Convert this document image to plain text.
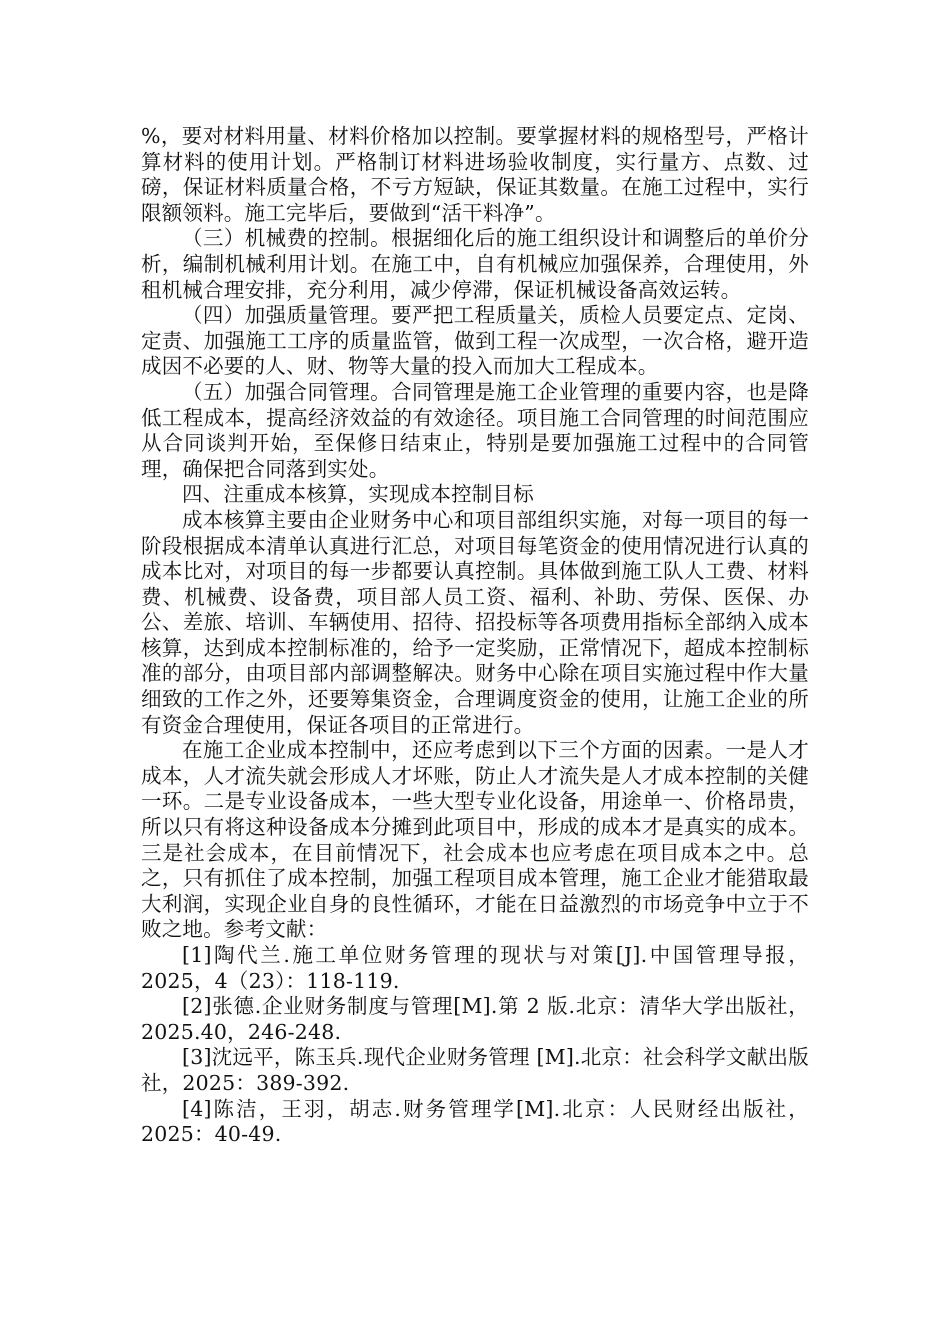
%，要对材料用量、材料价格加以控制。要掌握材料的规格型号，严格计算材料的使用计划。严格制订材料进场验收制度，实行量方、点数、过磅，保证材料质量合格，不亏方短缺，保证其数量。在施工过程中，实行限额领料。施工完毕后，要做到“活干料净”。

（三）机械费的控制。根据细化后的施工组织设计和调整后的单价分析，编制机械利用计划。在施工中，自有机械应加强保养，合理使用，外租机械合理安排，充分利用，减少停滞，保证机械设备高效运转。

（四）加强质量管理。要严把工程质量关，质检人员要定点、定岗、定责、加强施工工序的质量监管，做到工程一次成型，一次合格，避开造成因不必要的人、财、物等大量的投入而加大工程成本。

（五）加强合同管理。合同管理是施工企业管理的重要内容，也是降低工程成本，提高经济效益的有效途径。项目施工合同管理的时间范围应从合同谈判开始，至保修日结束止，特别是要加强施工过程中的合同管理，确保把合同落到实处。

四、注重成本核算，实现成本控制目标

成本核算主要由企业财务中心和项目部组织实施，对每一项目的每一阶段根据成本清单认真进行汇总，对项目每笔资金的使用情况进行认真的成本比对，对项目的每一步都要认真控制。具体做到施工队人工费、材料费、机械费、设备费，项目部人员工资、福利、补助、劳保、医保、办公、差旅、培训、车辆使用、招待、招投标等各项费用指标全部纳入成本核算，达到成本控制标准的，给予一定奖励，正常情况下，超成本控制标准的部分，由项目部内部调整解决。财务中心除在项目实施过程中作大量细致的工作之外，还要筹集资金，合理调度资金的使用，让施工企业的所有资金合理使用，保证各项目的正常进行。

在施工企业成本控制中，还应考虑到以下三个方面的因素。一是人才成本，人才流失就会形成人才坏账，防止人才流失是人才成本控制的关健一环。二是专业设备成本，一些大型专业化设备，用途单一、价格昂贵，所以只有将这种设备成本分摊到此项目中，形成的成本才是真实的成本。三是社会成本，在目前情况下，社会成本也应考虑在项目成本之中。总之，只有抓住了成本控制，加强工程项目成本管理，施工企业才能猎取最大利润，实现企业自身的良性循环，才能在日益激烈的市场竞争中立于不败之地。参考文献：

[1]陶代兰.施工单位财务管理的现状与对策[J].中国管理导报，2025，4（23）：118-119.

[2]张德.企业财务制度与管理[M].第 2 版.北京：清华大学出版社，2025.40，246-248.

[3]沈远平，陈玉兵.现代企业财务管理 [M].北京：社会科学文献出版社，2025：389-392.

[4]陈洁，王羽，胡志.财务管理学[M].北京：人民财经出版社，2025：40-49.
